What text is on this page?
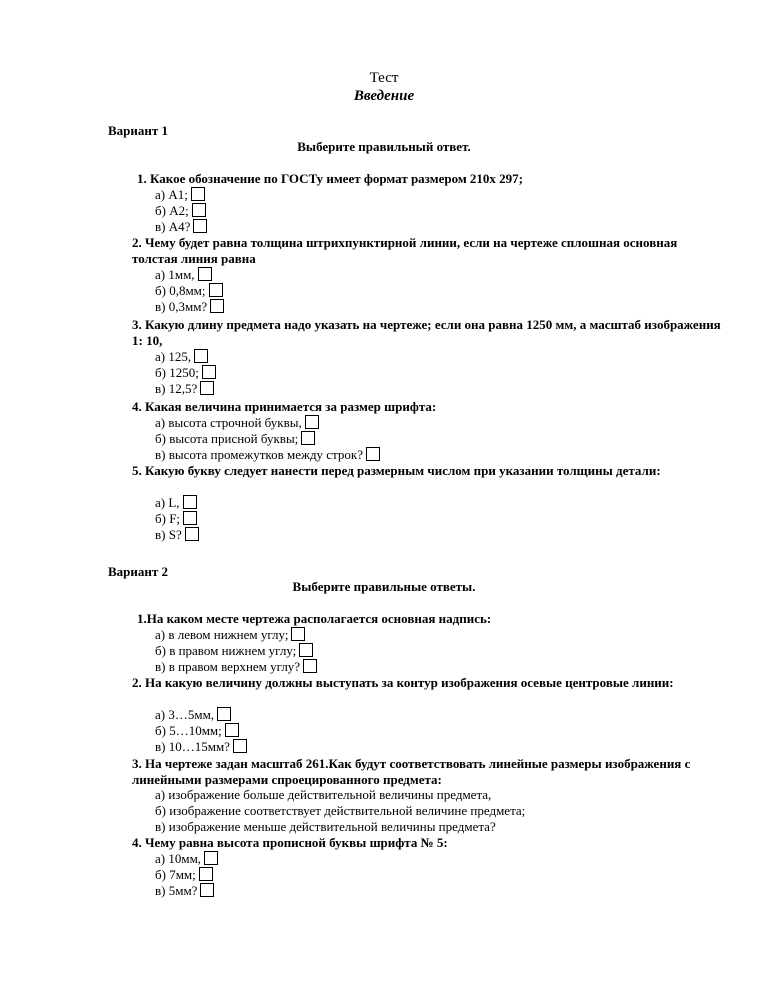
Тест
Введение
Вариант 1
Выберите правильный ответ.
1. Какое обозначение по ГОСТу имеет формат размером 210х 297;
а) А1;
б) А2;
в) А4?
2. Чему будет равна толщина штрихпунктирной линии, если на чертеже сплошная основная толстая линия равна
а) 1мм,
б) 0,8мм;
в) 0,3мм?
3. Какую длину предмета надо указать на чертеже; если она равна 1250 мм, а масштаб изображения 1: 10,
а) 125,
б) 1250;
в) 12,5?
4. Какая величина принимается за размер шрифта:
а) высота строчной буквы,
б) высота присной буквы;
в) высота промежутков между строк?
5. Какую букву следует нанести перед размерным числом при указании толщины детали:
а) L,
б) F;
в) S?
Вариант 2
Выберите правильные ответы.
1.На каком месте чертежа располагается основная надпись:
а) в левом нижнем углу;
б) в правом нижнем углу;
в) в правом верхнем углу?
2. На какую величину должны выступать за контур изображения осевые центровые линии:
а) 3…5мм,
б) 5…10мм;
в) 10…15мм?
3. На чертеже задан масштаб 261.Как будут соответствовать линейные размеры изображения с линейными размерами спроецированного предмета:
а) изображение больше действительной величины предмета,
б) изображение соответствует действительной величине предмета;
в) изображение меньше действительной величины предмета?
4. Чему равна высота прописной буквы шрифта № 5:
а) 10мм,
б) 7мм;
в) 5мм?
